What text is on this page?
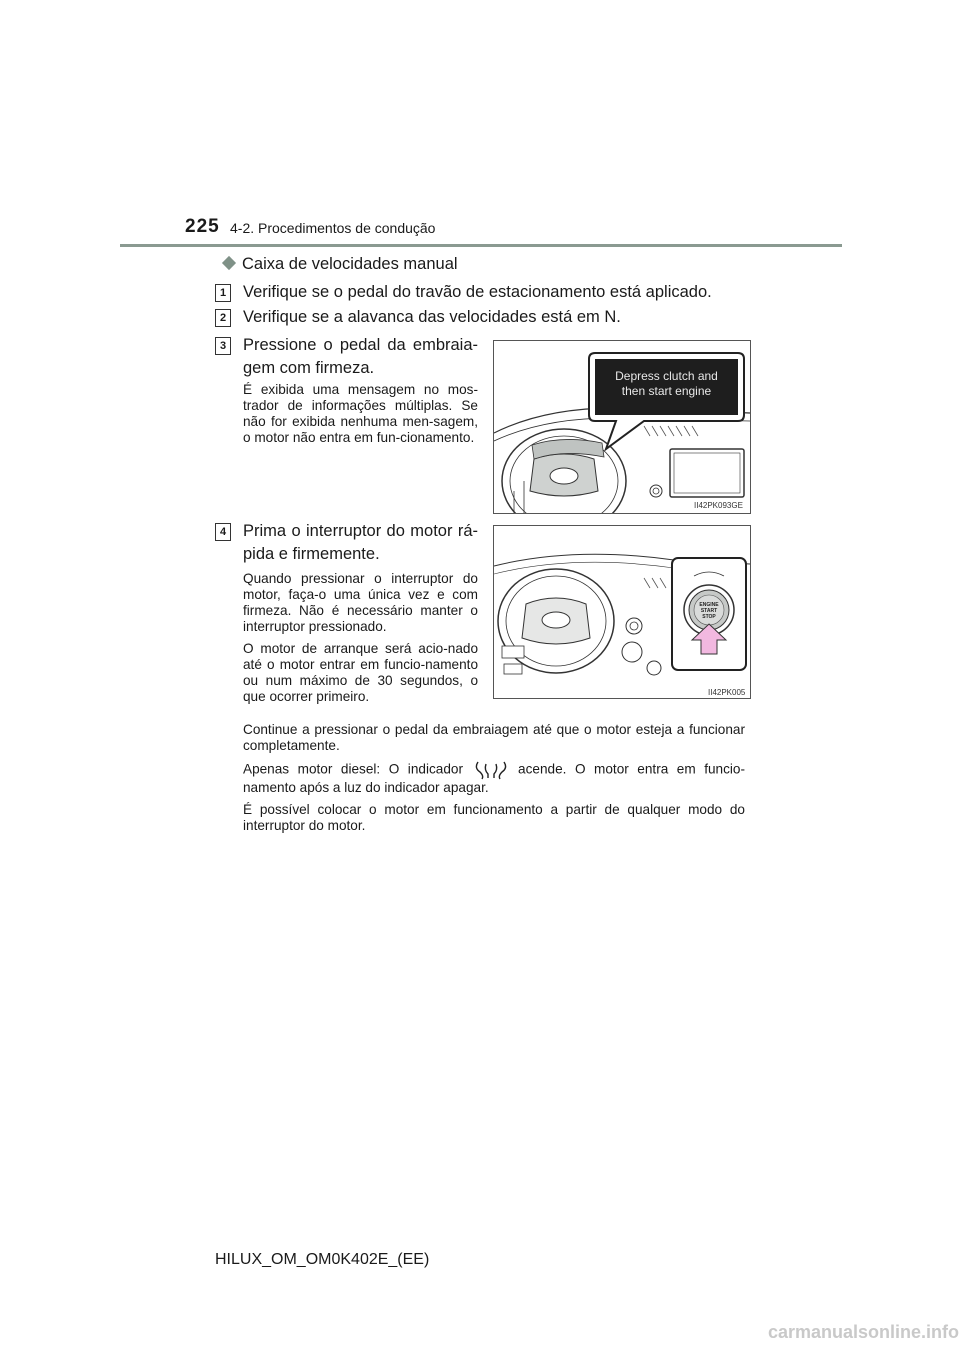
225 4-2. Procedimentos de condução
Caixa de velocidades manual
1 Verifique se o pedal do travão de estacionamento está aplicado.
2 Verifique se a alavanca das velocidades está em N.
3 Pressione o pedal da embraia-
gem com firmeza.

É exibida uma mensagem no mos-trador de informações múltiplas. Se não for exibida nenhuma men-sagem, o motor não entra em fun-cionamento.

Depress clutch and
then start engine
II42PK093GE
4 Prima o interruptor do motor rá-
pida e firmemente.

Quando pressionar o interruptor do motor, faça-o uma única vez e com firmeza. Não é necessário manter o interruptor pressionado.

O motor de arranque será acio-nado até o motor entrar em funcio-namento ou num máximo de 30 segundos, o que ocorrer primeiro.

ENGINE
START
STOP
II42PK005

Continue a pressionar o pedal da embraiagem até que o motor esteja a funcionar completamente.

Apenas motor diesel: O indicador	acende. O motor entra em funcio-namento após a luz do indicador apagar.

É possível colocar o motor em funcionamento a partir de qualquer modo do interruptor do motor.

HILUX_OM_OM0K402E_(EE)
carmanualsonline.info
